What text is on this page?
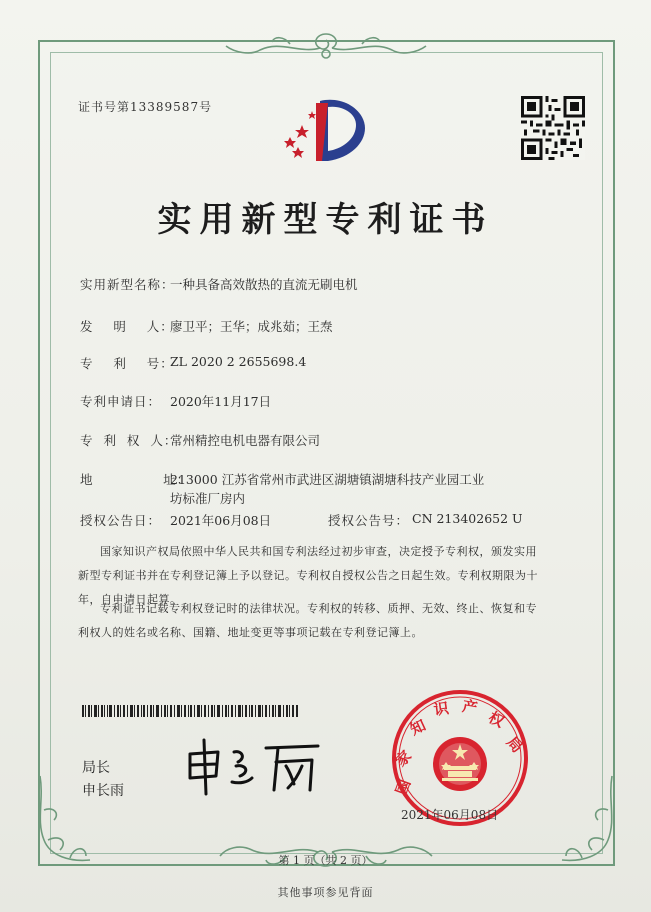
证书号第13389587号
实用新型专利证书
实用新型名称：
一种具备高效散热的直流无刷电机
发    明    人：
廖卫平；王华；成兆茹；王焘
专    利    号：
ZL 2020 2 2655698.4
专利申请日： 2020年11月17日
专  利  权  人：
常州精控电机电器有限公司
地              址：
213000 江苏省常州市武进区湖塘镇湖塘科技产业园工业
坊标准厂房内
授权公告日： 2021年06月08日	授权公告号： CN 213402652 U
国家知识产权局依照中华人民共和国专利法经过初步审查，决定授予专利权，颁发实用
新型专利证书并在专利登记簿上予以登记。专利权自授权公告之日起生效。专利权期限为十
年，自申请日起算。
专利证书记载专利权登记时的法律状况。专利权的转移、质押、无效、终止、恢复和专
利权人的姓名或名称、国籍、地址变更等事项记载在专利登记簿上。
局长
申长雨	国
家
知
识 产
权
局
2021年06月08日
第 1 页（共 2 页）
其他事项参见背面
